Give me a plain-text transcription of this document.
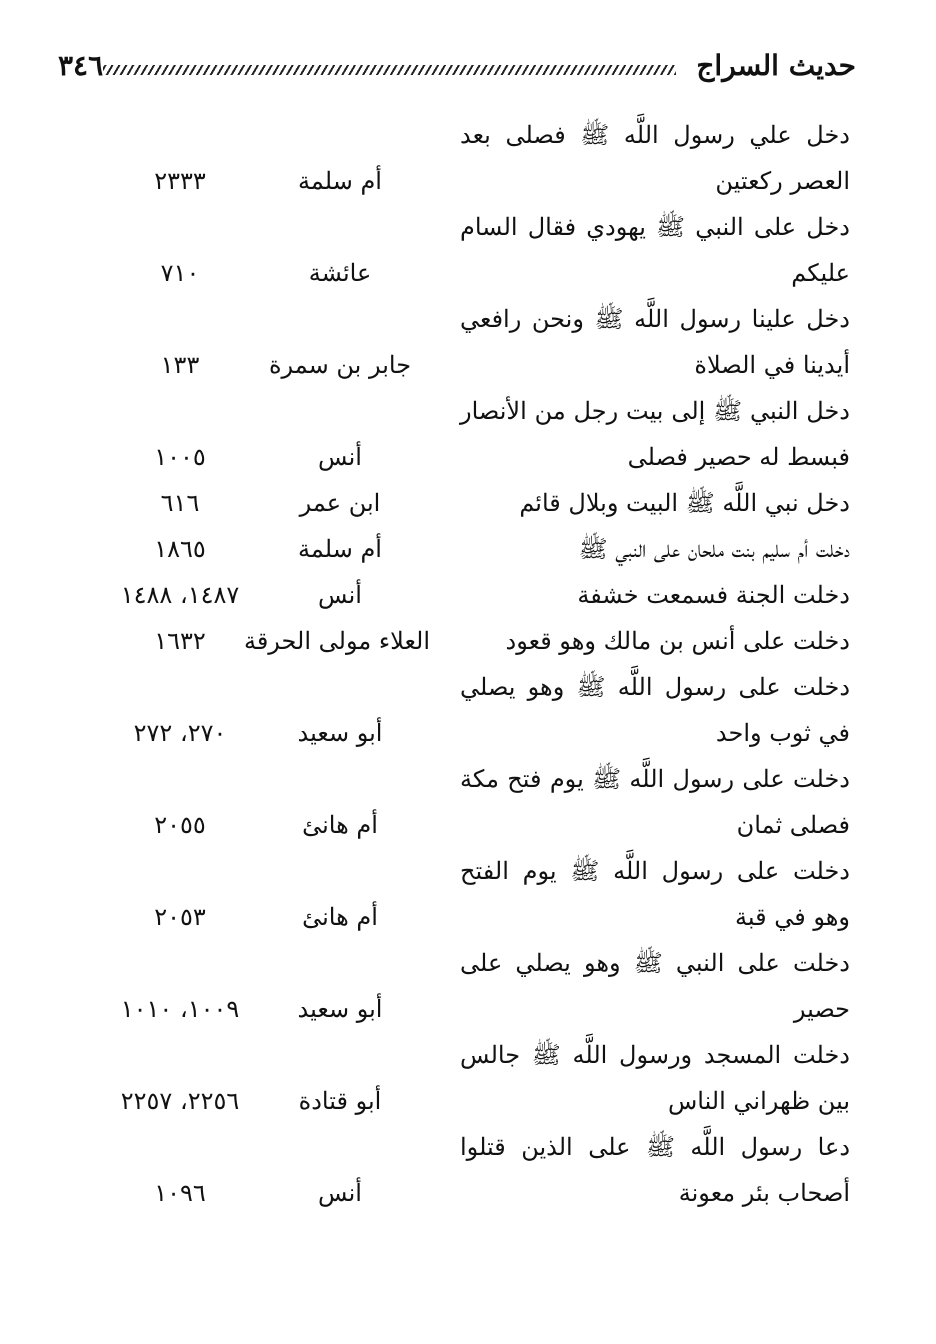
٣٤٦	حديث السراج
دخل علي رسول اللَّه ﷺ فصلى بعد العصر ركعتين
أم سلمة
٢٣٣٣
دخل على النبي ﷺ يهودي فقال السام عليكم
عائشة
٧١٠
دخل علينا رسول اللَّه ﷺ ونحن رافعي أيدينا في الصلاة
جابر بن سمرة
١٣٣
دخل النبي ﷺ إلى بيت رجل من الأنصار فبسط له حصير فصلى
أنس
١٠٠٥
دخل نبي اللَّه ﷺ البيت وبلال قائم
ابن عمر
٦١٦
دخلت أم سليم بنت ملحان على النبي ﷺ
أم سلمة
١٨٦٥
دخلت الجنة فسمعت خشفة
أنس
١٤٨٧، ١٤٨٨
دخلت على أنس بن مالك وهو قعود
العلاء مولى الحرقة
١٦٣٢
دخلت على رسول اللَّه ﷺ وهو يصلي في ثوب واحد
أبو سعيد
٢٧٠، ٢٧٢
دخلت على رسول اللَّه ﷺ يوم فتح مكة فصلى ثمان
أم هانئ
٢٠٥٥
دخلت على رسول اللَّه ﷺ يوم الفتح وهو في قبة
أم هانئ
٢٠٥٣
دخلت على النبي ﷺ وهو يصلي على حصير
أبو سعيد
١٠٠٩، ١٠١٠
دخلت المسجد ورسول اللَّه ﷺ جالس بين ظهراني الناس
أبو قتادة
٢٢٥٦، ٢٢٥٧
دعا رسول اللَّه ﷺ على الذين قتلوا أصحاب بئر معونة
أنس
١٠٩٦
